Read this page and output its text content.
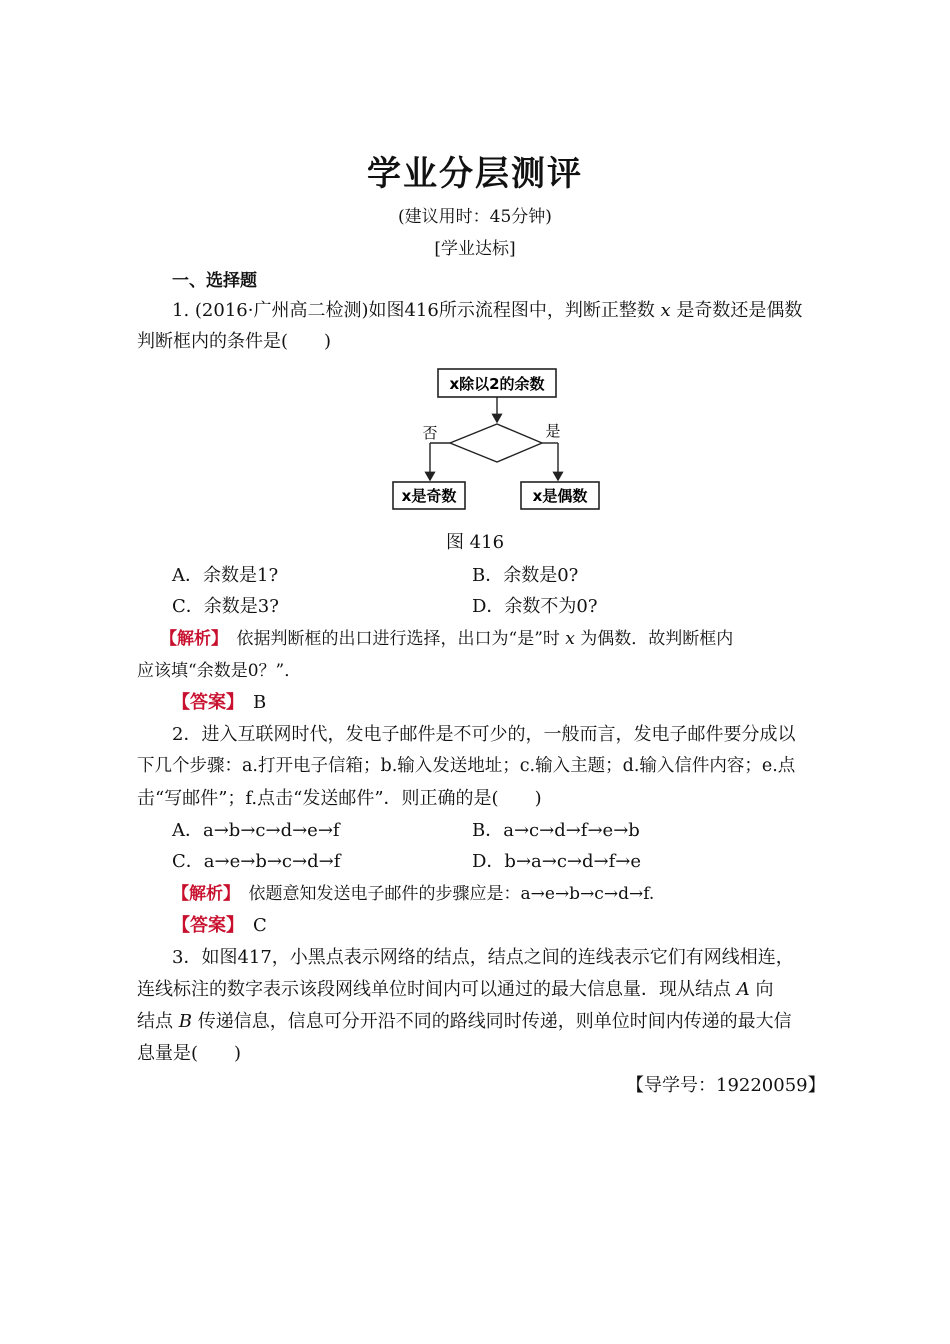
学业分层测评
(建议用时：45分钟)
[学业达标]
一、选择题
1. (2016·广州高二检测)如图416所示流程图中，判断正整数 x 是奇数还是偶数
判断框内的条件是(　　)
x除以2的余数
否	是
x是奇数	x是偶数
图 416
A．余数是1?	B．余数是0?
C．余数是3?	D．余数不为0?
【解析】　 依据判断框的出口进行选择，出口为“是”时 x 为偶数．故判断框内
应该填“余数是0？”．
【答案】　 B
2．进入互联网时代，发电子邮件是不可少的，一般而言，发电子邮件要分成以
下几个步骤：a.打开电子信箱；b.输入发送地址；c.输入主题；d.输入信件内容；e.点
击“写邮件”；f.点击“发送邮件”．则正确的是(　　)
A．a→b→c→d→e→f	B．a→c→d→f→e→b
C．a→e→b→c→d→f	D．b→a→c→d→f→e
【解析】　 依题意知发送电子邮件的步骤应是：a→e→b→c→d→f.
【答案】　 C
3．如图417，小黑点表示网络的结点，结点之间的连线表示它们有网线相连，
连线标注的数字表示该段网线单位时间内可以通过的最大信息量．现从结点 A 向
结点 B 传递信息，信息可分开沿不同的路线同时传递，则单位时间内传递的最大信
息量是(　　)
【导学号：19220059】
